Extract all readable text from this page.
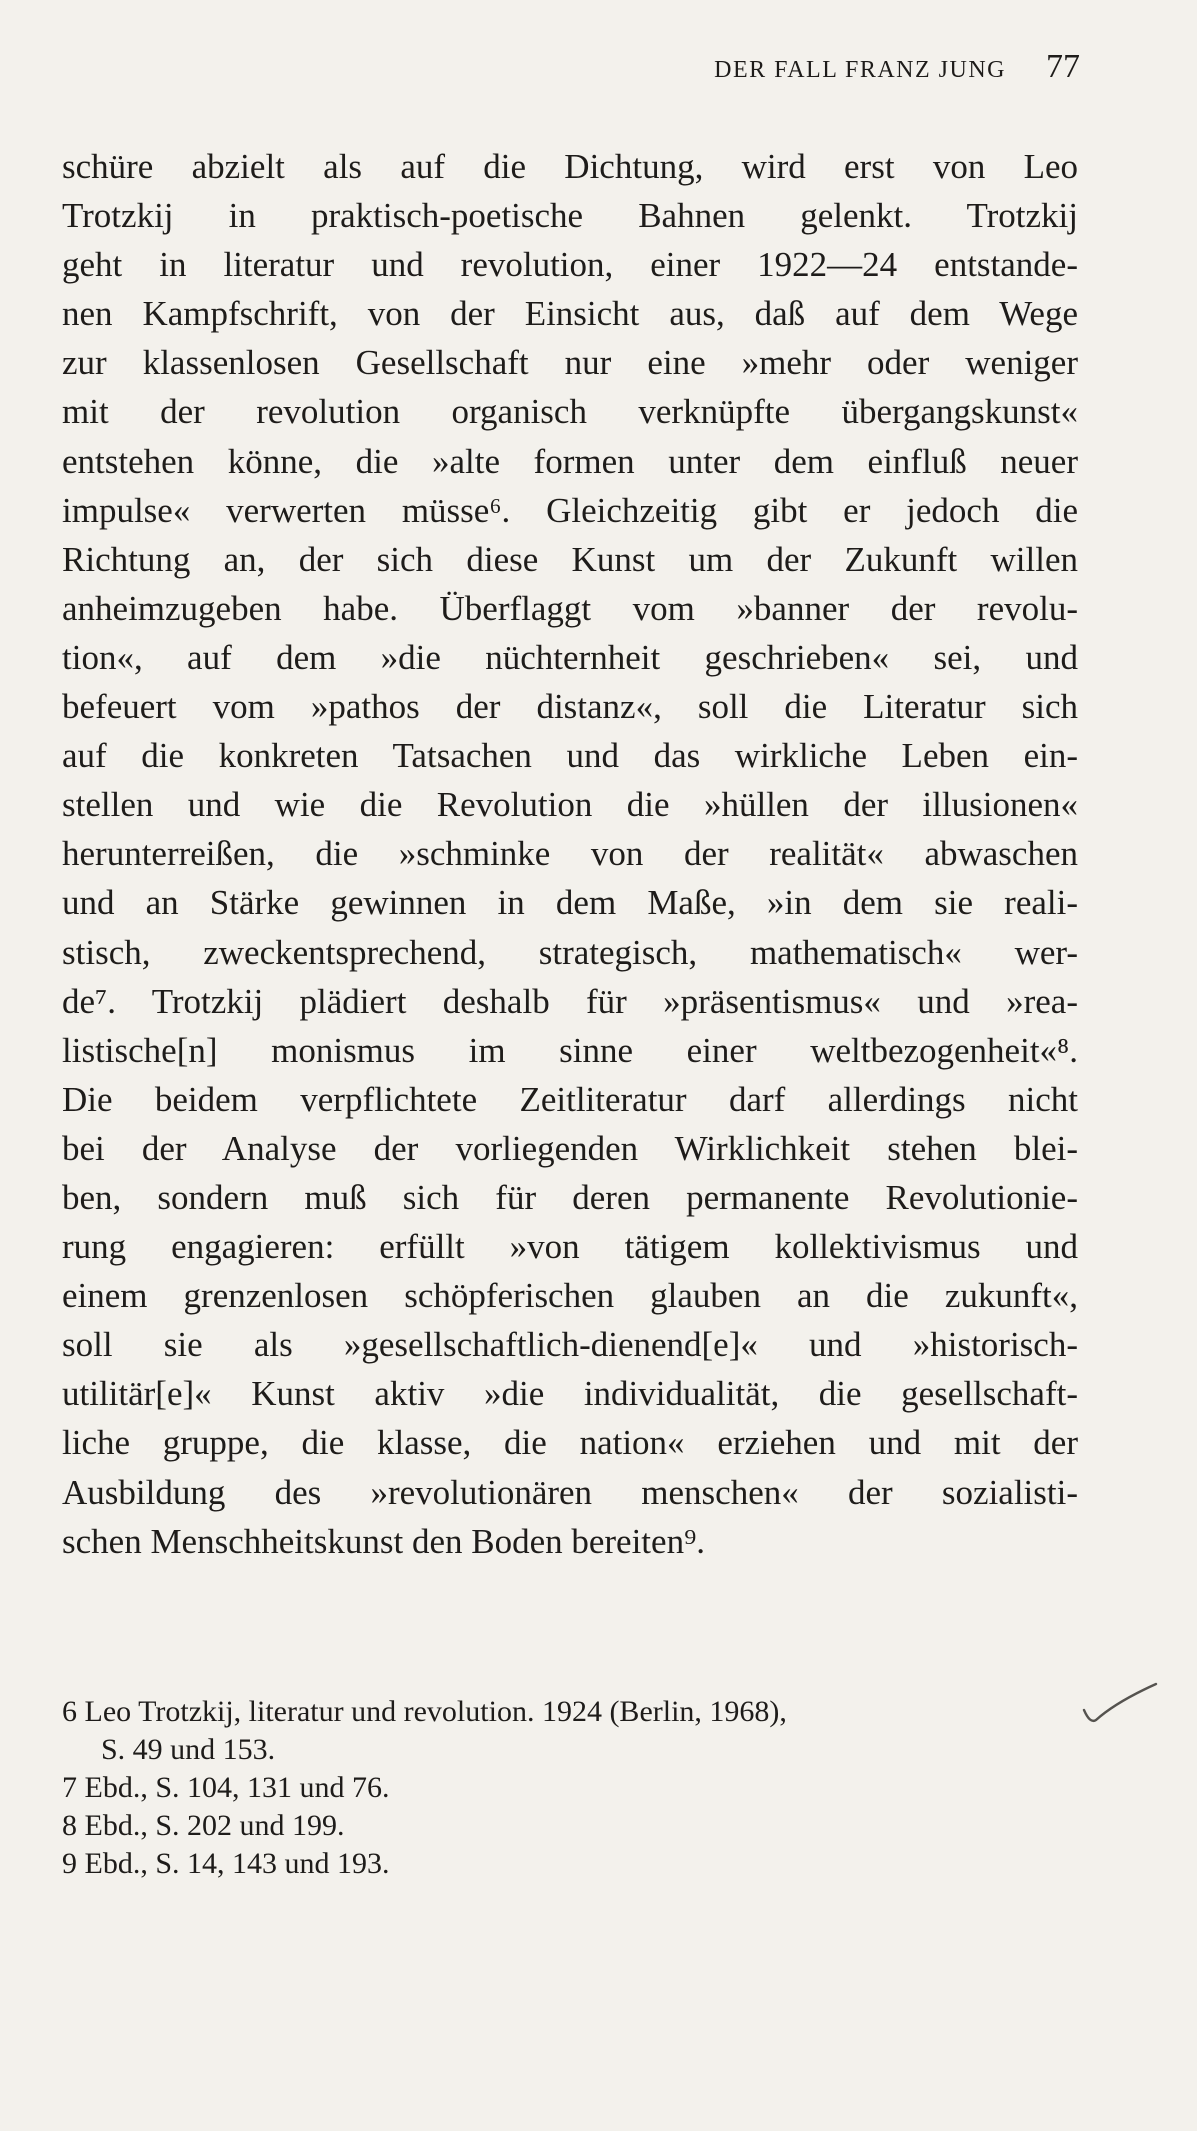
DER FALL FRANZ JUNG 77
schüre abzielt als auf die Dichtung, wird erst von Leo
Trotzkij in praktisch-poetische Bahnen gelenkt. Trotzkij
geht in literatur und revolution, einer 1922—24 entstande-
nen Kampfschrift, von der Einsicht aus, daß auf dem Wege
zur klassenlosen Gesellschaft nur eine »mehr oder weniger
mit der revolution organisch verknüpfte übergangskunst«
entstehen könne, die »alte formen unter dem einfluß neuer
impulse« verwerten müsse⁶. Gleichzeitig gibt er jedoch die
Richtung an, der sich diese Kunst um der Zukunft willen
anheimzugeben habe. Überflaggt vom »banner der revolu-
tion«, auf dem »die nüchternheit geschrieben« sei, und
befeuert vom »pathos der distanz«, soll die Literatur sich
auf die konkreten Tatsachen und das wirkliche Leben ein-
stellen und wie die Revolution die »hüllen der illusionen«
herunterreißen, die »schminke von der realität« abwaschen
und an Stärke gewinnen in dem Maße, »in dem sie reali-
stisch, zweckentsprechend, strategisch, mathematisch« wer-
de⁷. Trotzkij plädiert deshalb für »präsentismus« und »rea-
listische[n] monismus im sinne einer weltbezogenheit«⁸.
Die beidem verpflichtete Zeitliteratur darf allerdings nicht
bei der Analyse der vorliegenden Wirklichkeit stehen blei-
ben, sondern muß sich für deren permanente Revolutionie-
rung engagieren: erfüllt »von tätigem kollektivismus und
einem grenzenlosen schöpferischen glauben an die zukunft«,
soll sie als »gesellschaftlich-dienend[e]« und »historisch-
utilitär[e]« Kunst aktiv »die individualität, die gesellschaft-
liche gruppe, die klasse, die nation« erziehen und mit der
Ausbildung des »revolutionären menschen« der sozialisti-
schen Menschheitskunst den Boden bereiten⁹.
6 Leo Trotzkij, literatur und revolution. 1924 (Berlin, 1968),
S. 49 und 153.
7 Ebd., S. 104, 131 und 76.
8 Ebd., S. 202 und 199.
9 Ebd., S. 14, 143 und 193.
